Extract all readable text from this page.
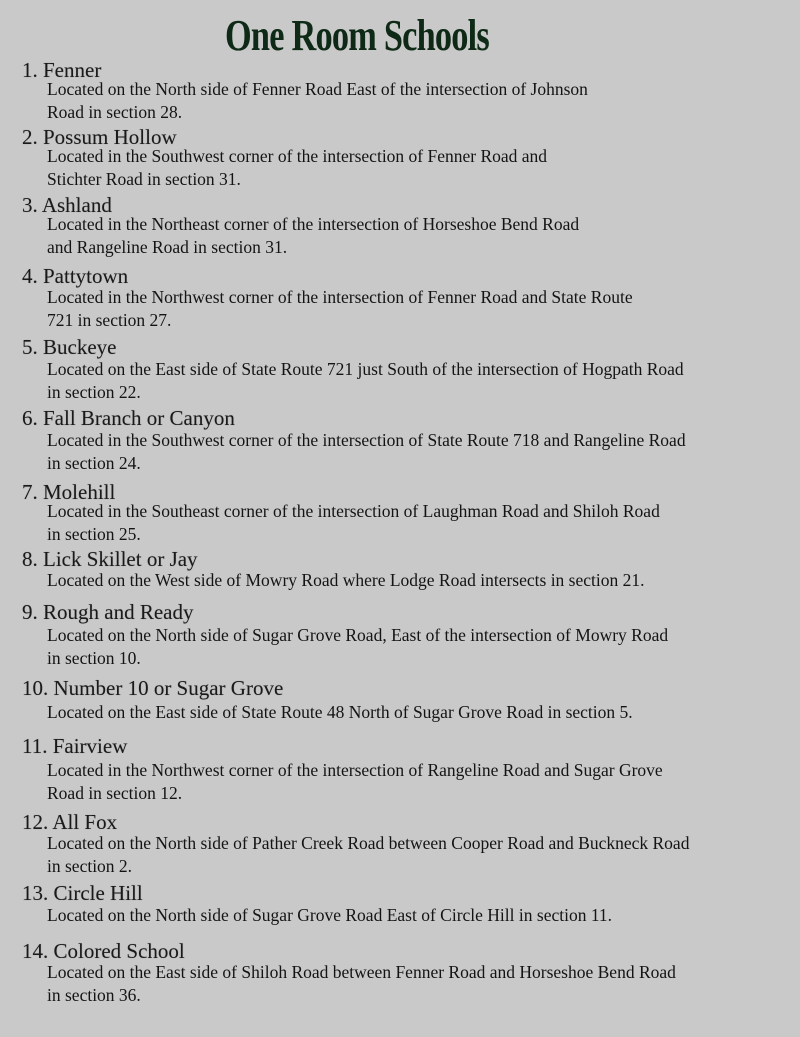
One Room Schools
1. Fenner
Located on the North side of Fenner Road East of the intersection of Johnson
Road in section 28.
2. Possum Hollow
Located in the Southwest corner of the intersection of Fenner Road and
Stichter Road in section 31.
3. Ashland
Located in the Northeast corner of the intersection of Horseshoe Bend Road
and Rangeline Road in section 31.
4. Pattytown
Located in the Northwest corner of the intersection of Fenner Road and State Route
721 in section 27.
5. Buckeye
Located on the East side of State Route 721 just South of the intersection of Hogpath Road
in section 22.
6. Fall Branch or Canyon
Located in the Southwest corner of the intersection of State Route 718 and Rangeline Road
in section 24.
7. Molehill
Located in the Southeast corner of the intersection of Laughman Road and Shiloh Road
in section 25.
8. Lick Skillet or Jay
Located on the West side of Mowry Road where Lodge Road intersects in section 21.
9. Rough and Ready
Located on the North side of Sugar Grove Road, East of the intersection of Mowry Road
in section 10.
10. Number 10 or Sugar Grove
Located on the East side of State Route 48 North of Sugar Grove Road in section 5.
11. Fairview
Located in the Northwest corner of the intersection of Rangeline Road and Sugar Grove
Road in section 12.
12. All Fox
Located on the North side of Pather Creek Road between Cooper Road and Buckneck Road
in section 2.
13. Circle Hill
Located on the North side of Sugar Grove Road East of Circle Hill in section 11.
14. Colored School
Located on the East side of Shiloh Road between Fenner Road and Horseshoe Bend Road
in section 36.
